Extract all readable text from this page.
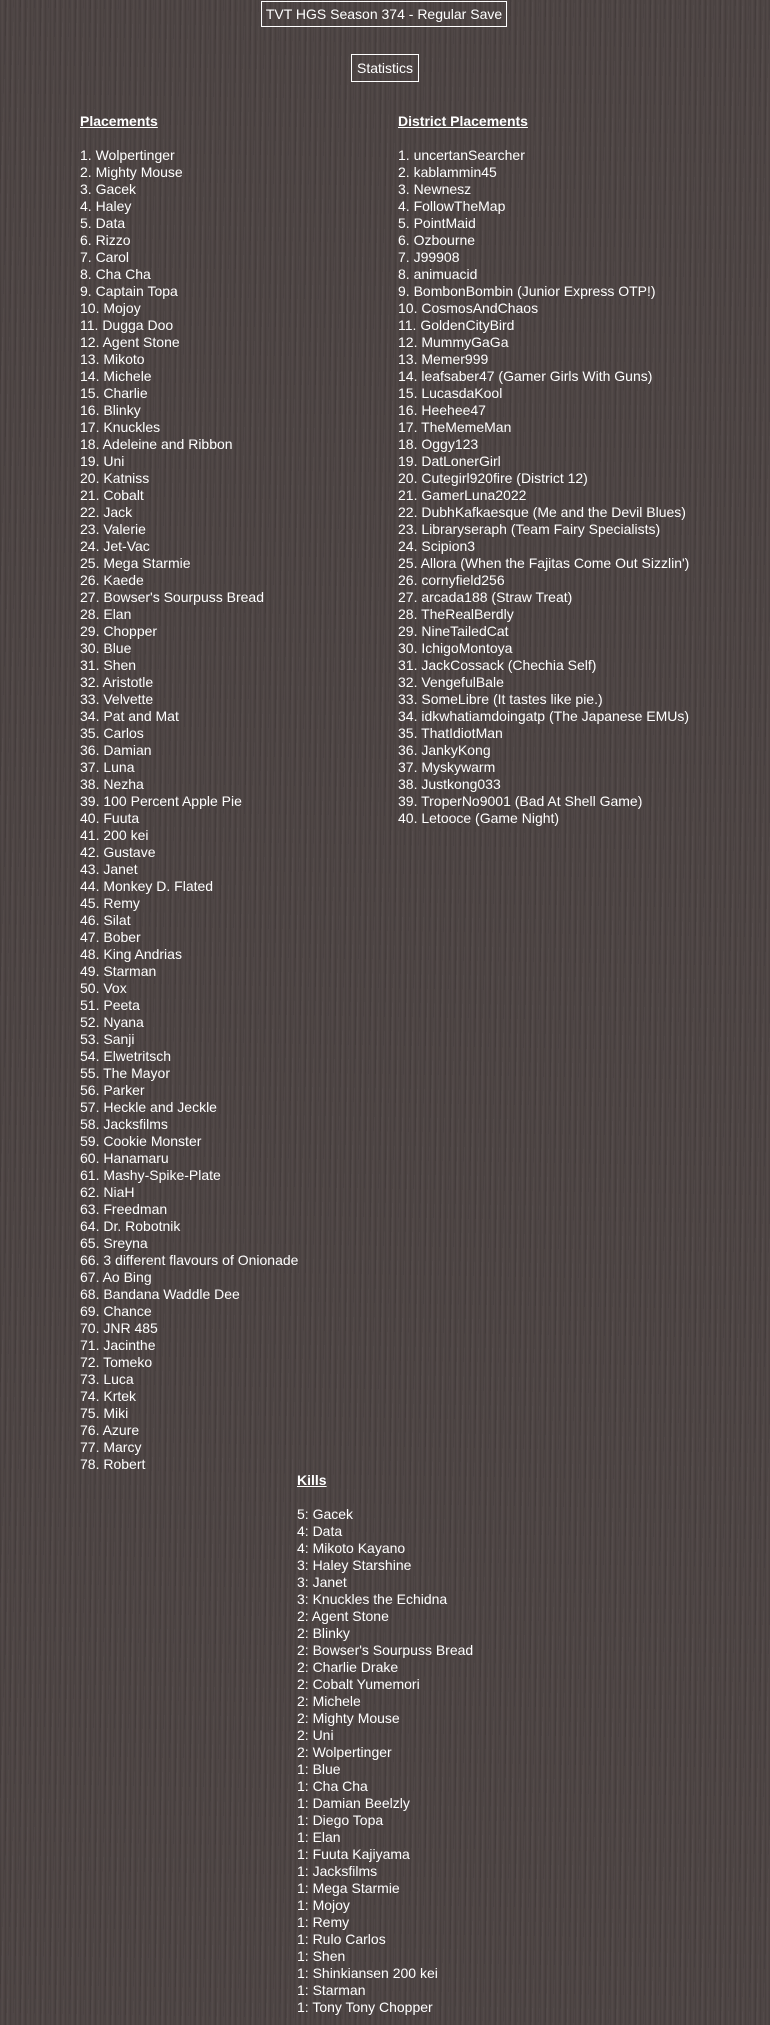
TVT HGS Season 374 - Regular Save
Statistics
Placements
1. Wolpertinger
2. Mighty Mouse
3. Gacek
4. Haley
5. Data
6. Rizzo
7. Carol
8. Cha Cha
9. Captain Topa
10. Mojoy
11. Dugga Doo
12. Agent Stone
13. Mikoto
14. Michele
15. Charlie
16. Blinky
17. Knuckles
18. Adeleine and Ribbon
19. Uni
20. Katniss
21. Cobalt
22. Jack
23. Valerie
24. Jet-Vac
25. Mega Starmie
26. Kaede
27. Bowser's Sourpuss Bread
28. Elan
29. Chopper
30. Blue
31. Shen
32. Aristotle
33. Velvette
34. Pat and Mat
35. Carlos
36. Damian
37. Luna
38. Nezha
39. 100 Percent Apple Pie
40. Fuuta
41. 200 kei
42. Gustave
43. Janet
44. Monkey D. Flated
45. Remy
46. Silat
47. Bober
48. King Andrias
49. Starman
50. Vox
51. Peeta
52. Nyana
53. Sanji
54. Elwetritsch
55. The Mayor
56. Parker
57. Heckle and Jeckle
58. Jacksfilms
59. Cookie Monster
60. Hanamaru
61. Mashy-Spike-Plate
62. NiaH
63. Freedman
64. Dr. Robotnik
65. Sreyna
66. 3 different flavours of Onionade
67. Ao Bing
68. Bandana Waddle Dee
69. Chance
70. JNR 485
71. Jacinthe
72. Tomeko
73. Luca
74. Krtek
75. Miki
76. Azure
77. Marcy
78. Robert
District Placements
1. uncertanSearcher
2. kablammin45
3. Newnesz
4. FollowTheMap
5. PointMaid
6. Ozbourne
7. J99908
8. animuacid
9. BombonBombin (Junior Express OTP!)
10. CosmosAndChaos
11. GoldenCityBird
12. MummyGaGa
13. Memer999
14. leafsaber47 (Gamer Girls With Guns)
15. LucasdaKool
16. Heehee47
17. TheMemeMan
18. Oggy123
19. DatLonerGirl
20. Cutegirl920fire (District 12)
21. GamerLuna2022
22. DubhKafkaesque (Me and the Devil Blues)
23. Libraryseraph (Team Fairy Specialists)
24. Scipion3
25. Allora (When the Fajitas Come Out Sizzlin')
26. cornyfield256
27. arcada188 (Straw Treat)
28. TheRealBerdly
29. NineTailedCat
30. IchigoMontoya
31. JackCossack (Chechia Self)
32. VengefulBale
33. SomeLibre (It tastes like pie.)
34. idkwhatiamdoingatp (The Japanese EMUs)
35. ThatIdiotMan
36. JankyKong
37. Myskywarm
38. Justkong033
39. TroperNo9001 (Bad At Shell Game)
40. Letooce (Game Night)
Kills
5: Gacek
4: Data
4: Mikoto Kayano
3: Haley Starshine
3: Janet
3: Knuckles the Echidna
2: Agent Stone
2: Blinky
2: Bowser's Sourpuss Bread
2: Charlie Drake
2: Cobalt Yumemori
2: Michele
2: Mighty Mouse
2: Uni
2: Wolpertinger
1: Blue
1: Cha Cha
1: Damian Beelzly
1: Diego Topa
1: Elan
1: Fuuta Kajiyama
1: Jacksfilms
1: Mega Starmie
1: Mojoy
1: Remy
1: Rulo Carlos
1: Shen
1: Shinkiansen 200 kei
1: Starman
1: Tony Tony Chopper
